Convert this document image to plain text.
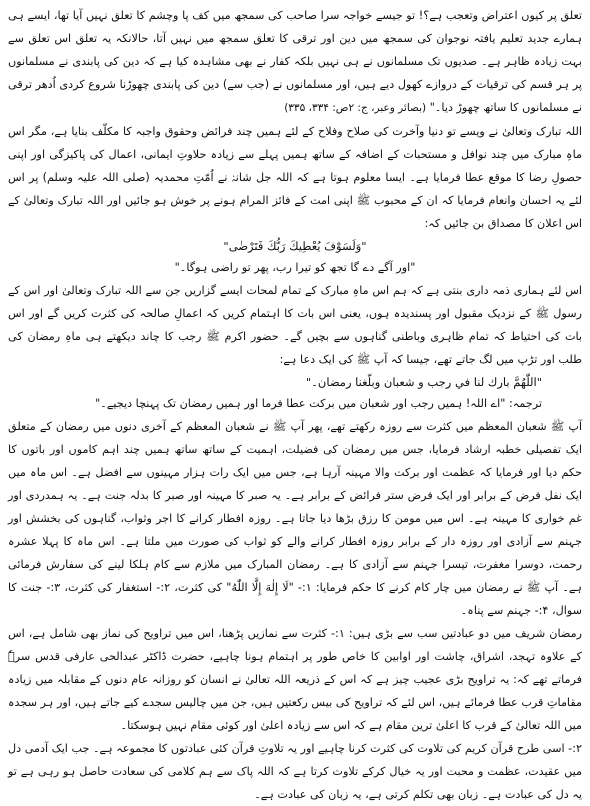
تعلق پر کیوں اعتراض وتعجب ہے؟! تو جیسے خواجہ سرا صاحب کی سمجھ میں کف پا وچشم کا تعلق نہیں آیا تھا، ایسے ہی ہمارے جدید تعلیم یافتہ نوجوان کی سمجھ میں دین اور ترقی کا تعلق سمجھ میں نہیں آتا، حالانکہ یہ تعلق اس تعلق سے بہت زیادہ ظاہر ہے۔ صدیوں تک مسلمانوں نے ہی نہیں بلکہ کفار نے بھی مشاہدہ کیا ہے کہ دین کی پابندی نے مسلمانوں پر ہر قسم کی ترقیات کے دروازے کھول دیے ہیں، اور مسلمانوں نے (جب سے) دین کی پابندی چھوڑنا شروع کردی اُدھر ترقی نے مسلمانوں کا ساتھ چھوڑ دیا۔" (بصائر وعبر، ج: ۲ص: ۳۳۴، ۳۳۵)

اللہ تبارک وتعالیٰ نے ویسے تو دنیا وآخرت کی صلاح وفلاح کے لئے ہمیں چند فرائض وحقوق واجبہ کا مکلّف بنایا ہے، مگر اس ماہِ مبارک میں چند نوافل و مستحبات کے اضافہ کے ساتھ ہمیں پہلے سے زیادہ حلاوتِ ایمانی، اعمال کی پاکیزگی اور اپنی حصولِ رضا کا موقع عطا فرمایا ہے۔ ایسا معلوم ہوتا ہے کہ اللہ جل شانہٗ نے اُمّتِ محمدیہ (صلی اللہ علیہ وسلم) پر اس لئے یہ احسان وانعام فرمایا کہ ان کے محبوب ﷺ اپنی امت کے فائز المرام ہونے پر خوش ہو جائیں اور اللہ تبارک وتعالیٰ کے اس اعلان کا مصداق بن جائیں کہ:

"وَلَسَوْفَ يُعْطِيكَ رَبُّكَ فَتَرْضٰى"

"اور آگے دے گا تجھ کو تیرا رب، پھر تو راضی ہوگا۔"

اس لئے ہماری ذمہ داری بنتی ہے کہ ہم اس ماہِ مبارک کے تمام لمحات ایسے گزاریں جن سے اللہ تبارک وتعالیٰ اور اس کے رسول ﷺ کے نزدیک مقبول اور پسندیدہ ہوں، یعنی اس بات کا اہتمام کریں کہ اعمالِ صالحہ کی کثرت کریں گے اور اس بات کی احتیاط کہ تمام ظاہری وباطنی گناہوں سے بچیں گے۔ حضور اکرم ﷺ رجب کا چاند دیکھتے ہی ماہِ رمضان کی طلب اور تڑپ میں لگ جاتے تھے، جیسا کہ آپ ﷺ کی ایک دعا ہے:

"اللّٰهُمَّ بارك لنا في رجب و شعبان وبلّغنا رمضان۔"

ترجمہ: "اے اللہ! ہمیں رجب اور شعبان میں برکت عطا فرما اور ہمیں رمضان تک پہنچا دیجیے۔"

آپ ﷺ شعبان المعظم میں کثرت سے روزہ رکھتے تھے، پھر آپ ﷺ نے شعبان المعظم کے آخری دنوں میں رمضان کے متعلق ایک تفصیلی خطبہ ارشاد فرمایا، جس میں رمضان کی فضیلت، اہمیت کے ساتھ ساتھ ہمیں چند اہم کاموں اور باتوں کا حکم دیا اور فرمایا کہ عظمت اور برکت والا مہینہ آرہا ہے، جس میں ایک رات ہزار مہینوں سے افضل ہے۔ اس ماہ میں ایک نفل فرض کے برابر اور ایک فرض ستر فرائض کے برابر ہے۔ یہ صبر کا مہینہ اور صبر کا بدلہ جنت ہے۔ یہ ہمدردی اور غم خواری کا مہینہ ہے۔ اس میں مومن کا رزق بڑھا دیا جاتا ہے۔ روزہ افطار کرانے کا اجر وثواب، گناہوں کی بخشش اور جہنم سے آزادی اور روزہ دار کے برابر روزہ افطار کرانے والے کو ثواب کی صورت میں ملتا ہے۔ اس ماہ کا پہلا عشرہ رحمت، دوسرا مغفرت، تیسرا جہنم سے آزادی کا ہے۔ رمضان المبارک میں ملازم سے کام ہلکا لینے کی سفارش فرمائی ہے۔ آپ ﷺ نے رمضان میں چار کام کرنے کا حکم فرمایا: ۱:- "لَا إِلٰهَ إِلَّا اللّٰهُ" کی کثرت، ۲:- استغفار کی کثرت، ۳:- جنت کا سوال، ۴:- جہنم سے پناہ۔

رمضان شریف میں دو عبادتیں سب سے بڑی ہیں: ۱:- کثرت سے نمازیں پڑھنا، اس میں تراویح کی نماز بھی شامل ہے، اس کے علاوہ تہجد، اشراق، چاشت اور اوابین کا خاص طور پر اہتمام ہونا چاہیے، حضرت ڈاکٹر عبدالحی عارفی قدس سرہٗ فرماتے تھے کہ: یہ تراویح بڑی عجیب چیز ہے کہ اس کے ذریعہ اللہ تعالیٰ نے انسان کو روزانہ عام دنوں کے مقابلہ میں زیادہ مقاماتِ قرب عطا فرمائے ہیں، اس لئے کہ تراویح کی بیس رکعتیں ہیں، جن میں چالیس سجدے کیے جاتے ہیں، اور ہر سجدہ میں اللہ تعالیٰ کے قرب کا اعلیٰ ترین مقام ہے کہ اس سے زیادہ اعلیٰ اور کوئی مقام نہیں ہوسکتا۔

۲:- اسی طرح قرآن کریم کی تلاوت کی کثرت کرنا چاہیے اور یہ تلاوتِ قرآن کئی عبادتوں کا مجموعہ ہے۔ جب ایک آدمی دل میں عقیدت، عظمت و محبت اور یہ خیال کرکے تلاوت کرتا ہے کہ اللہ پاک سے ہم کلامی کی سعادت حاصل ہو رہی ہے تو یہ دل کی عبادت ہے۔ زبان بھی تکلم کرتی ہے، یہ زبان کی عبادت ہے۔
